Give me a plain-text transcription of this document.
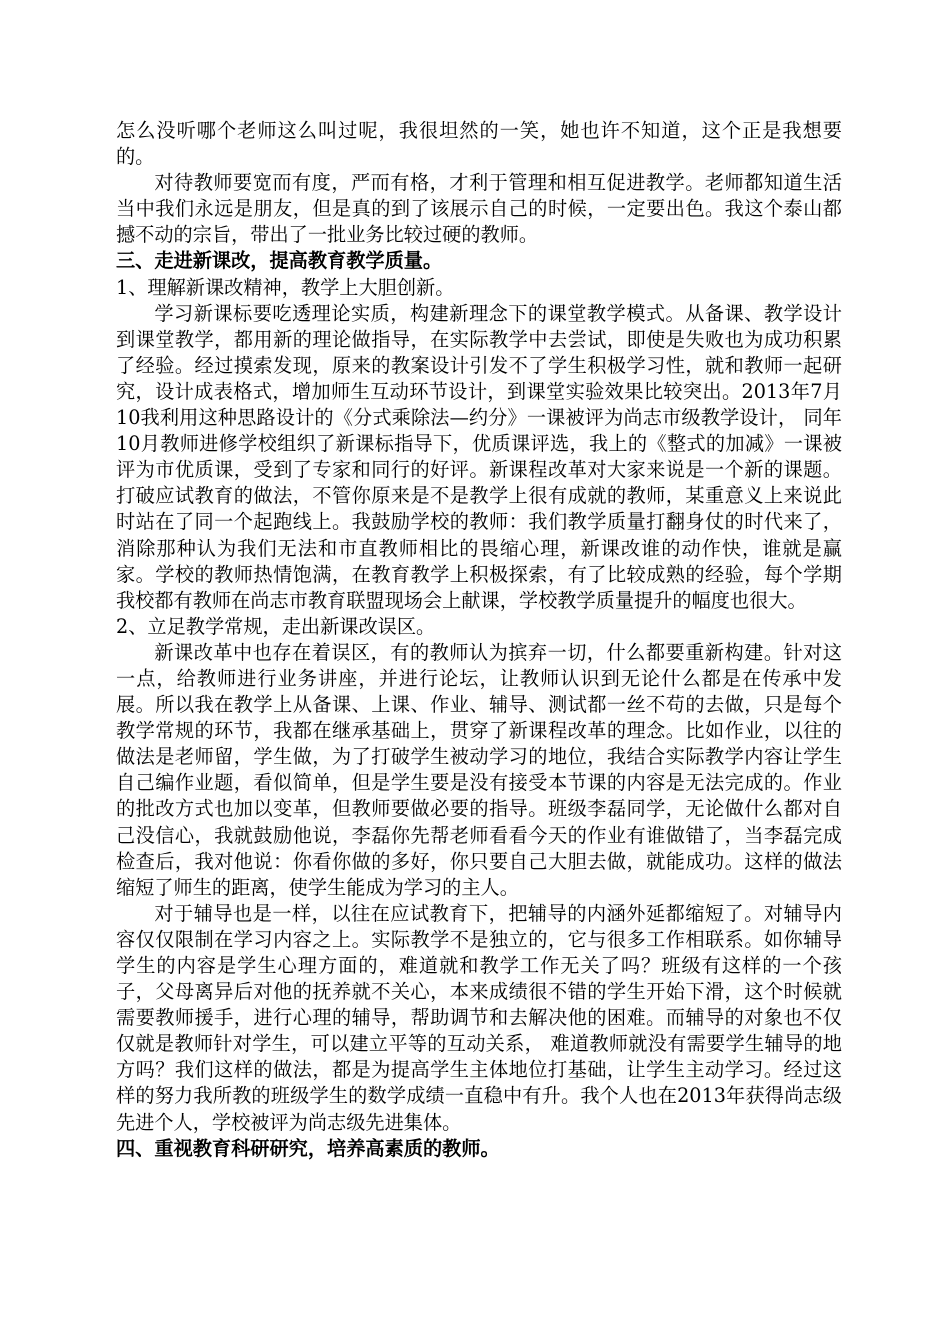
怎么没听哪个老师这么叫过呢，我很坦然的一笑，她也许不知道，这个正是我想要的。

对待教师要宽而有度，严而有格，才利于管理和相互促进教学。老师都知道生活当中我们永远是朋友，但是真的到了该展示自己的时候，一定要出色。我这个泰山都撼不动的宗旨，带出了一批业务比较过硬的教师。

三、走进新课改，提高教育教学质量。

1、理解新课改精神，教学上大胆创新。

学习新课标要吃透理论实质，构建新理念下的课堂教学模式。从备课、教学设计到课堂教学，都用新的理论做指导，在实际教学中去尝试，即使是失败也为成功积累了经验。经过摸索发现，原来的教案设计引发不了学生积极学习性，就和教师一起研究，设计成表格式，增加师生互动环节设计，到课堂实验效果比较突出。2013年7月10我利用这种思路设计的《分式乘除法—约分》一课被评为尚志市级教学设计， 同年10月教师进修学校组织了新课标指导下，优质课评选，我上的《整式的加减》一课被评为市优质课，受到了专家和同行的好评。新课程改革对大家来说是一个新的课题。打破应试教育的做法，不管你原来是不是教学上很有成就的教师，某重意义上来说此时站在了同一个起跑线上。我鼓励学校的教师：我们教学质量打翻身仗的时代来了，消除那种认为我们无法和市直教师相比的畏缩心理，新课改谁的动作快，谁就是赢家。学校的教师热情饱满，在教育教学上积极探索，有了比较成熟的经验，每个学期我校都有教师在尚志市教育联盟现场会上献课，学校教学质量提升的幅度也很大。

2、立足教学常规，走出新课改误区。

新课改革中也存在着误区，有的教师认为摈弃一切，什么都要重新构建。针对这一点，给教师进行业务讲座，并进行论坛，让教师认识到无论什么都是在传承中发展。所以我在教学上从备课、上课、作业、辅导、测试都一丝不苟的去做，只是每个教学常规的环节，我都在继承基础上，贯穿了新课程改革的理念。比如作业，以往的做法是老师留，学生做，为了打破学生被动学习的地位，我结合实际教学内容让学生自己编作业题，看似简单，但是学生要是没有接受本节课的内容是无法完成的。作业的批改方式也加以变革，但教师要做必要的指导。班级李磊同学，无论做什么都对自己没信心，我就鼓励他说，李磊你先帮老师看看今天的作业有谁做错了，当李磊完成检查后，我对他说：你看你做的多好，你只要自己大胆去做，就能成功。这样的做法缩短了师生的距离，使学生能成为学习的主人。

对于辅导也是一样，以往在应试教育下，把辅导的内涵外延都缩短了。对辅导内容仅仅限制在学习内容之上。实际教学不是独立的，它与很多工作相联系。如你辅导学生的内容是学生心理方面的，难道就和教学工作无关了吗？班级有这样的一个孩子，父母离异后对他的抚养就不关心，本来成绩很不错的学生开始下滑，这个时候就需要教师援手，进行心理的辅导，帮助调节和去解决他的困难。而辅导的对象也不仅仅就是教师针对学生，可以建立平等的互动关系， 难道教师就没有需要学生辅导的地方吗？我们这样的做法，都是为提高学生主体地位打基础，让学生主动学习。经过这样的努力我所教的班级学生的数学成绩一直稳中有升。我个人也在2013年获得尚志级先进个人，学校被评为尚志级先进集体。

四、重视教育科研研究，培养高素质的教师。
